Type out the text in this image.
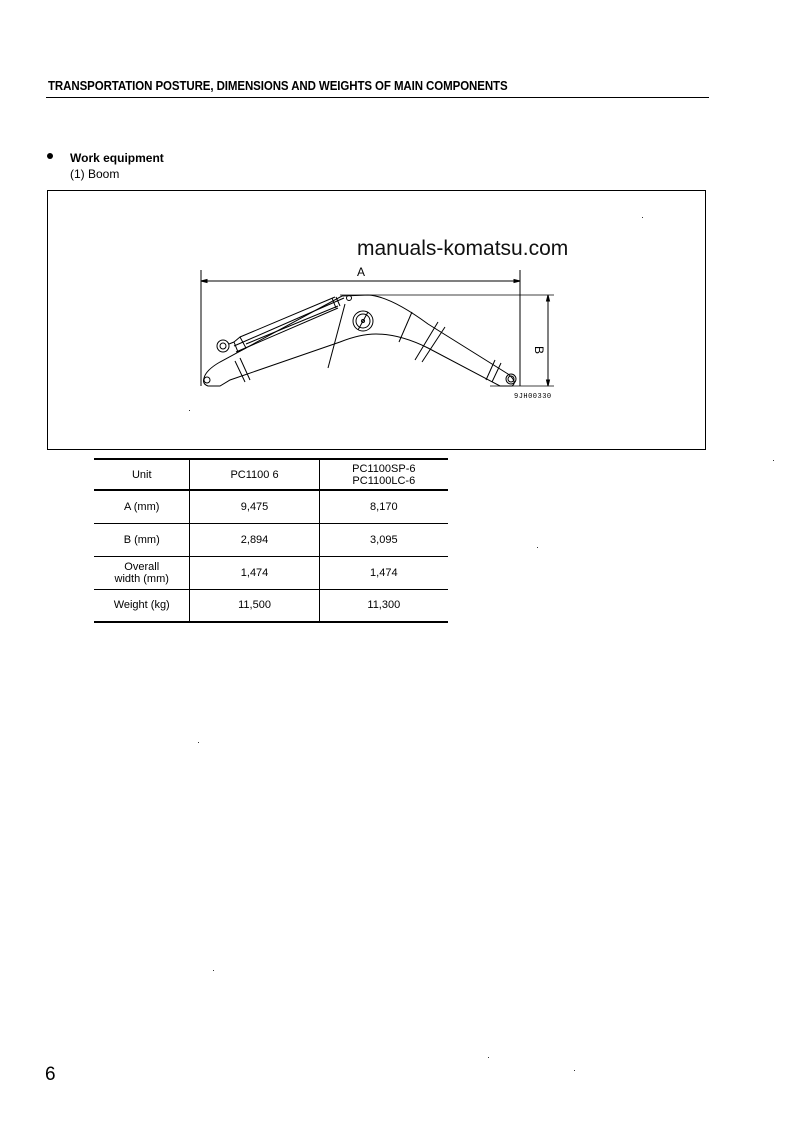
TRANSPORTATION POSTURE, DIMENSIONS AND WEIGHTS OF MAIN COMPONENTS
Work equipment
(1) Boom
manuals-komatsu.com
A
B
9JH00330
Unit	PC1100 6	PC1100SP-6
PC1100LC-6

A (mm)	9,475	8,170
B (mm)	2,894	3,095

Overall
width (mm)	1,474	1,474
Weight (kg)	11,500	11,300
6
